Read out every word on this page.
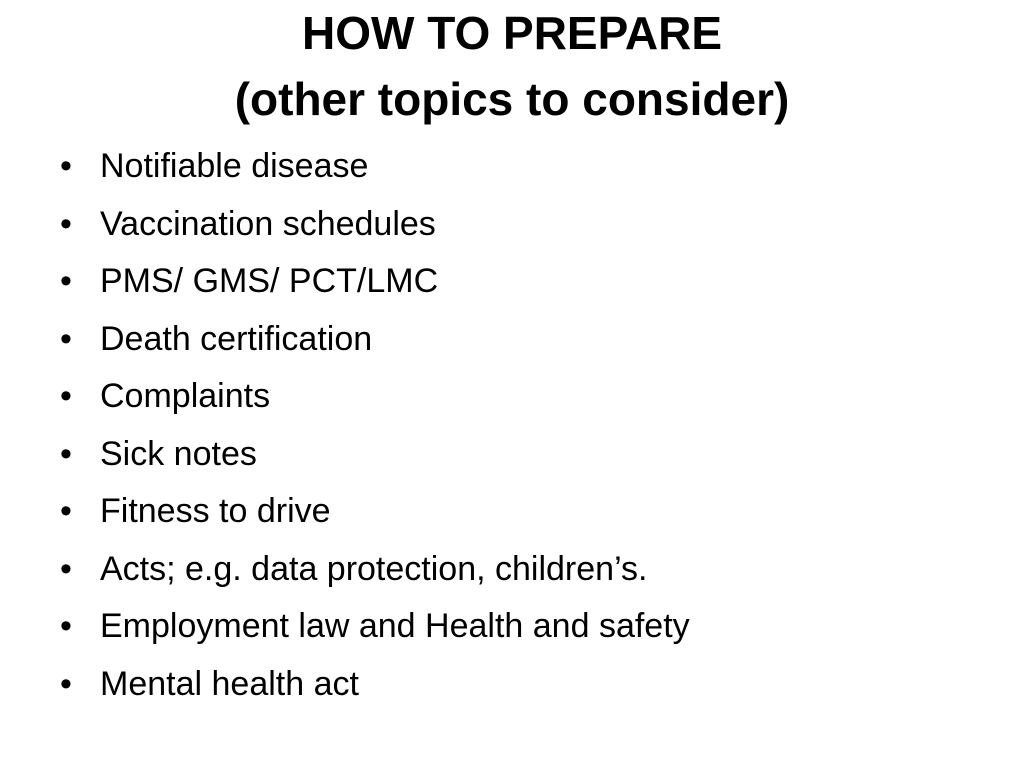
HOW TO PREPARE
(other topics to consider)
• Notifiable disease
• Vaccination schedules
• PMS/ GMS/ PCT/LMC
• Death certification
• Complaints
• Sick notes
• Fitness to drive
• Acts; e.g. data protection, children’s.
• Employment law and Health and safety
• Mental health act
